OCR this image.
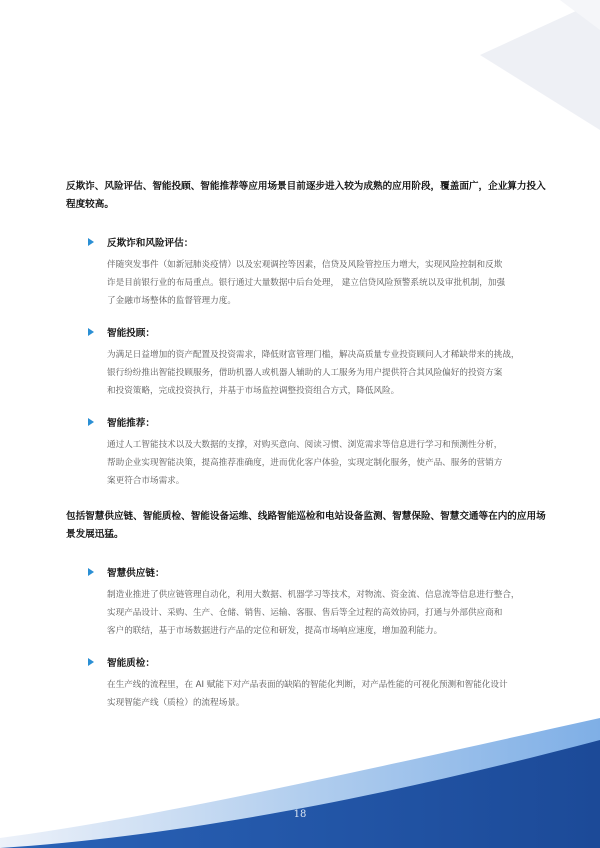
反欺诈、风险评估、智能投顾、智能推荐等应用场景目前逐步进入较为成熟的应用阶段，覆盖面广，企业算力投入程度较高。

反欺诈和风险评估：
伴随突发事件（如新冠肺炎疫情）以及宏观调控等因素，信贷及风险管控压力增大，实现风险控制和反欺
诈是目前银行业的布局重点。银行通过大量数据中后台处理， 建立信贷风险预警系统以及审批机制，加强
了金融市场整体的监督管理力度。
智能投顾：
为满足日益增加的资产配置及投资需求，降低财富管理门槛，解决高质量专业投资顾问人才稀缺带来的挑战，
银行纷纷推出智能投顾服务，借助机器人或机器人辅助的人工服务为用户提供符合其风险偏好的投资方案
和投资策略，完成投资执行，并基于市场监控调整投资组合方式，降低风险。
智能推荐：
通过人工智能技术以及大数据的支撑，对购买意向、阅读习惯、浏览需求等信息进行学习和预测性分析，
帮助企业实现智能决策，提高推荐准确度，进而优化客户体验，实现定制化服务，使产品、服务的营销方
案更符合市场需求。

包括智慧供应链、智能质检、智能设备运维、线路智能巡检和电站设备监测、智慧保险、智慧交通等在内的应用场景发展迅猛。

智慧供应链：
制造业推进了供应链管理自动化，利用大数据、机器学习等技术，对物流、资金流、信息流等信息进行整合，
实现产品设计、采购、生产、仓储、销售、运输、客服、售后等全过程的高效协同，打通与外部供应商和
客户的联结，基于市场数据进行产品的定位和研发，提高市场响应速度，增加盈利能力。
智能质检：
在生产线的流程里，在 AI 赋能下对产品表面的缺陷的智能化判断，对产品性能的可视化预测和智能化设计
实现智能产线（质检）的流程场景。
18
